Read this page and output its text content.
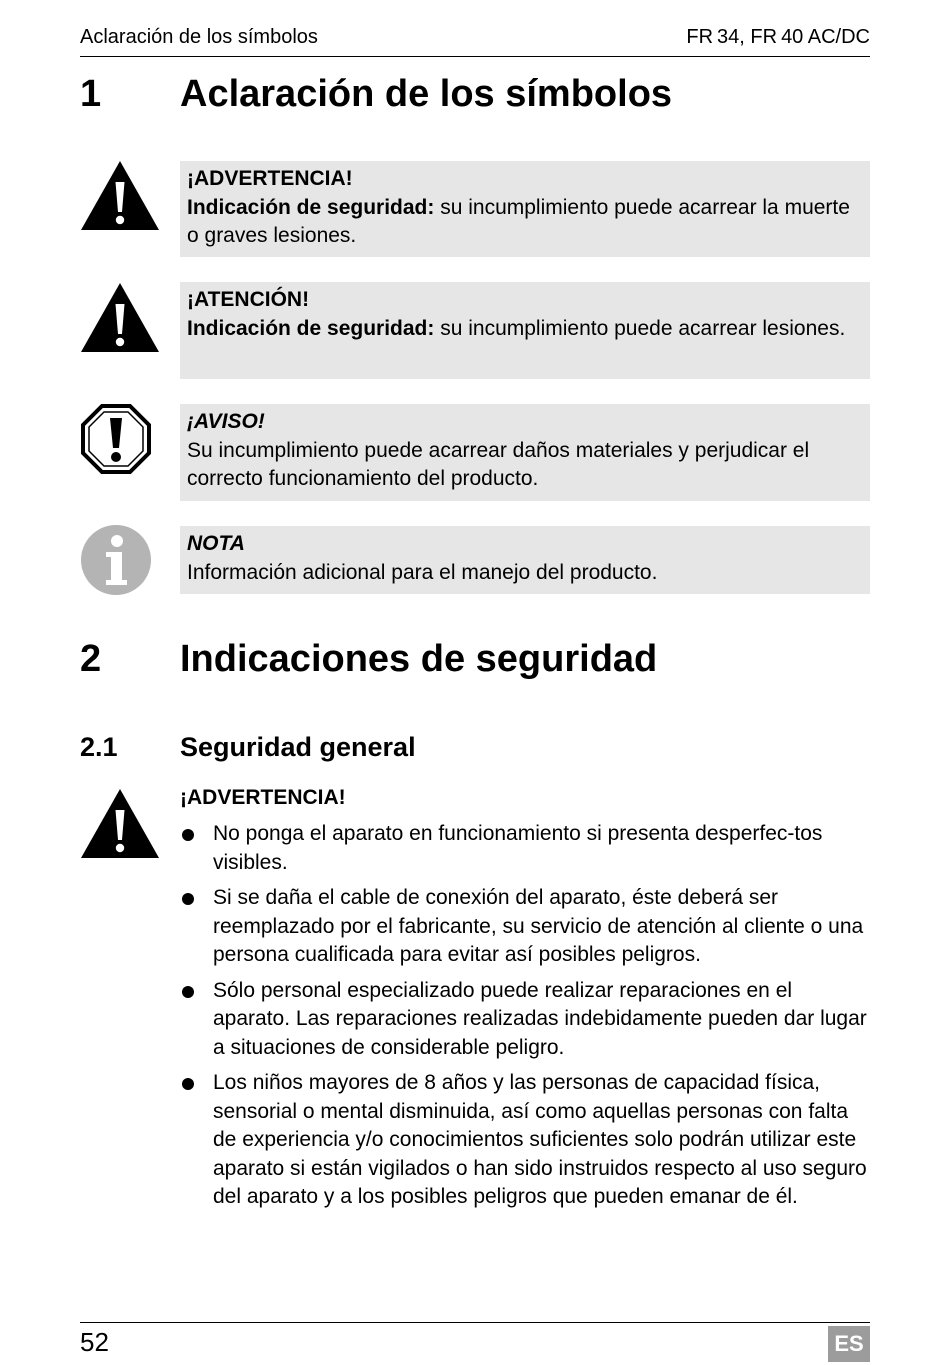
Aclaración de los símbolos	FR 34, FR 40 AC/DC
1 Aclaración de los símbolos
¡ADVERTENCIA!
Indicación de seguridad: su incumplimiento puede acarrear la muerte o graves lesiones.
¡ATENCIÓN!
Indicación de seguridad: su incumplimiento puede acarrear lesiones.
¡AVISO!
Su incumplimiento puede acarrear daños materiales y perjudicar el correcto funcionamiento del producto.
NOTA
Información adicional para el manejo del producto.
2 Indicaciones de seguridad
2.1 Seguridad general
¡ADVERTENCIA!
No ponga el aparato en funcionamiento si presenta desperfec-tos visibles.
Si se daña el cable de conexión del aparato, éste deberá ser reemplazado por el fabricante, su servicio de atención al cliente o una persona cualificada para evitar así posibles peligros.
Sólo personal especializado puede realizar reparaciones en el aparato. Las reparaciones realizadas indebidamente pueden dar lugar a situaciones de considerable peligro.
Los niños mayores de 8 años y las personas de capacidad física, sensorial o mental disminuida, así como aquellas personas con falta de experiencia y/o conocimientos suficientes solo podrán utilizar este aparato si están vigilados o han sido instruidos respecto al uso seguro del aparato y a los posibles peligros que pueden emanar de él.
52	ES
